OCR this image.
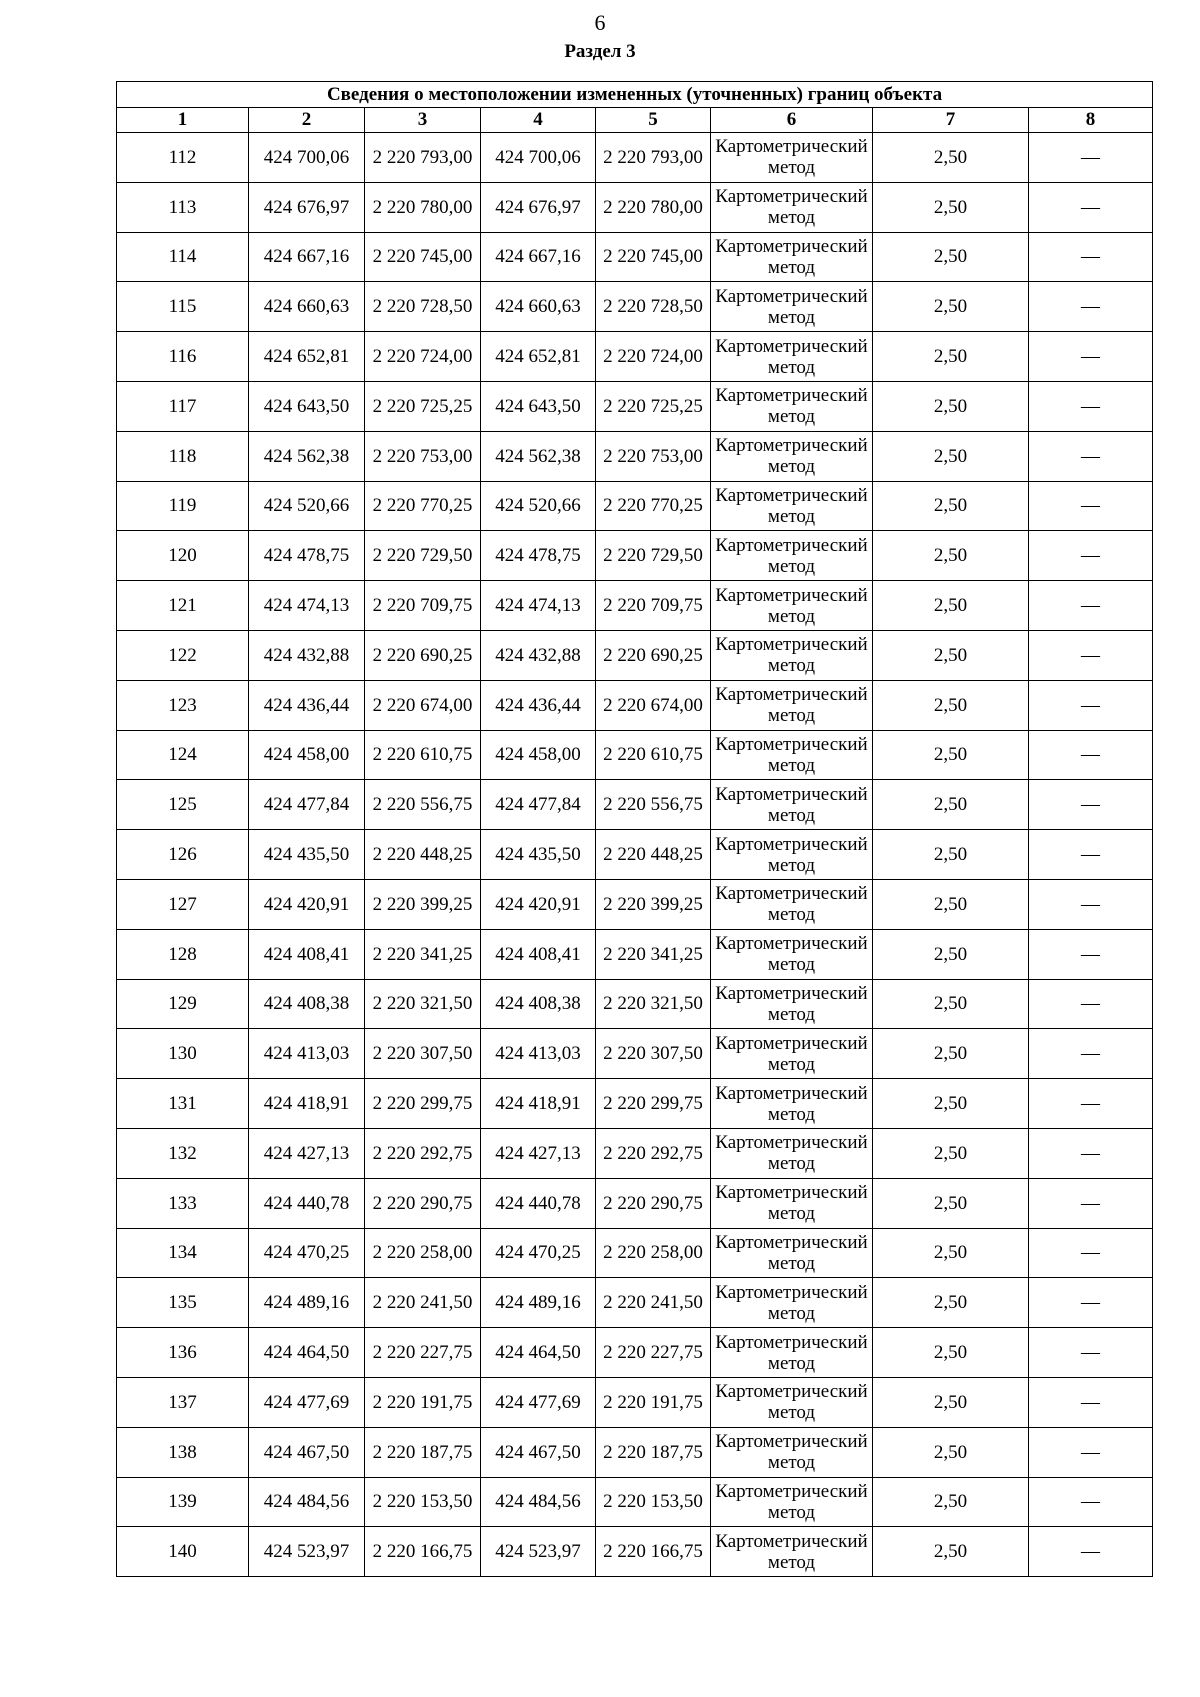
6
Раздел 3
Сведения о местоположении измененных (уточненных) границ объекта							
1	2	3	4	5	6	7	8
112	424 700,06	2 220 793,00	424 700,06	2 220 793,00	Картометрический метод	2,50	—
113	424 676,97	2 220 780,00	424 676,97	2 220 780,00	Картометрический метод	2,50	—
114	424 667,16	2 220 745,00	424 667,16	2 220 745,00	Картометрический метод	2,50	—
115	424 660,63	2 220 728,50	424 660,63	2 220 728,50	Картометрический метод	2,50	—
116	424 652,81	2 220 724,00	424 652,81	2 220 724,00	Картометрический метод	2,50	—
117	424 643,50	2 220 725,25	424 643,50	2 220 725,25	Картометрический метод	2,50	—
118	424 562,38	2 220 753,00	424 562,38	2 220 753,00	Картометрический метод	2,50	—
119	424 520,66	2 220 770,25	424 520,66	2 220 770,25	Картометрический метод	2,50	—
120	424 478,75	2 220 729,50	424 478,75	2 220 729,50	Картометрический метод	2,50	—
121	424 474,13	2 220 709,75	424 474,13	2 220 709,75	Картометрический метод	2,50	—
122	424 432,88	2 220 690,25	424 432,88	2 220 690,25	Картометрический метод	2,50	—
123	424 436,44	2 220 674,00	424 436,44	2 220 674,00	Картометрический метод	2,50	—
124	424 458,00	2 220 610,75	424 458,00	2 220 610,75	Картометрический метод	2,50	—
125	424 477,84	2 220 556,75	424 477,84	2 220 556,75	Картометрический метод	2,50	—
126	424 435,50	2 220 448,25	424 435,50	2 220 448,25	Картометрический метод	2,50	—
127	424 420,91	2 220 399,25	424 420,91	2 220 399,25	Картометрический метод	2,50	—
128	424 408,41	2 220 341,25	424 408,41	2 220 341,25	Картометрический метод	2,50	—
129	424 408,38	2 220 321,50	424 408,38	2 220 321,50	Картометрический метод	2,50	—
130	424 413,03	2 220 307,50	424 413,03	2 220 307,50	Картометрический метод	2,50	—
131	424 418,91	2 220 299,75	424 418,91	2 220 299,75	Картометрический метод	2,50	—
132	424 427,13	2 220 292,75	424 427,13	2 220 292,75	Картометрический метод	2,50	—
133	424 440,78	2 220 290,75	424 440,78	2 220 290,75	Картометрический метод	2,50	—
134	424 470,25	2 220 258,00	424 470,25	2 220 258,00	Картометрический метод	2,50	—
135	424 489,16	2 220 241,50	424 489,16	2 220 241,50	Картометрический метод	2,50	—
136	424 464,50	2 220 227,75	424 464,50	2 220 227,75	Картометрический метод	2,50	—
137	424 477,69	2 220 191,75	424 477,69	2 220 191,75	Картометрический метод	2,50	—
138	424 467,50	2 220 187,75	424 467,50	2 220 187,75	Картометрический метод	2,50	—
139	424 484,56	2 220 153,50	424 484,56	2 220 153,50	Картометрический метод	2,50	—
140	424 523,97	2 220 166,75	424 523,97	2 220 166,75	Картометрический метод	2,50	—
